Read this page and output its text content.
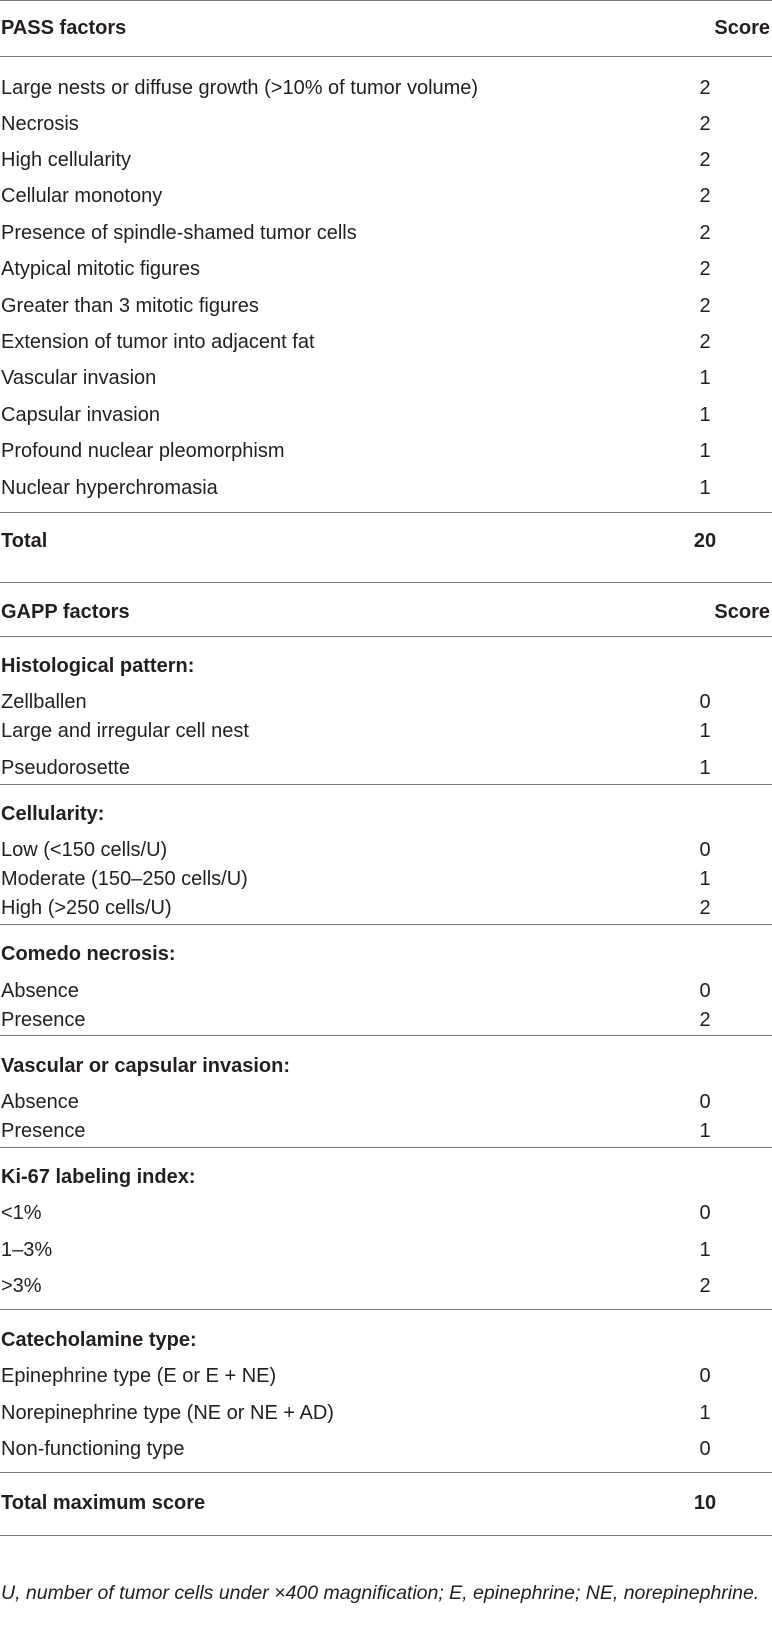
PASS factors	Score
Large nests or diffuse growth (>10% of tumor volume)	2
Necrosis	2
High cellularity	2
Cellular monotony	2
Presence of spindle-shamed tumor cells	2
Atypical mitotic figures	2
Greater than 3 mitotic figures	2
Extension of tumor into adjacent fat	2
Vascular invasion	1
Capsular invasion	1
Profound nuclear pleomorphism	1
Nuclear hyperchromasia	1
Total	20
GAPP factors	Score
Histological pattern:
Zellballen	0
Large and irregular cell nest	1
Pseudorosette	1
Cellularity:
Low (<150 cells/U)	0
Moderate (150–250 cells/U)	1
High (>250 cells/U)	2
Comedo necrosis:
Absence	0
Presence	2
Vascular or capsular invasion:
Absence	0
Presence	1
Ki-67 labeling index:
<1%	0
1–3%	1
>3%	2
Catecholamine type:
Epinephrine type (E or E + NE)	0
Norepinephrine type (NE or NE + AD)	1
Non-functioning type	0
Total maximum score	10
U, number of tumor cells under ×400 magnification; E, epinephrine; NE, norepinephrine.
